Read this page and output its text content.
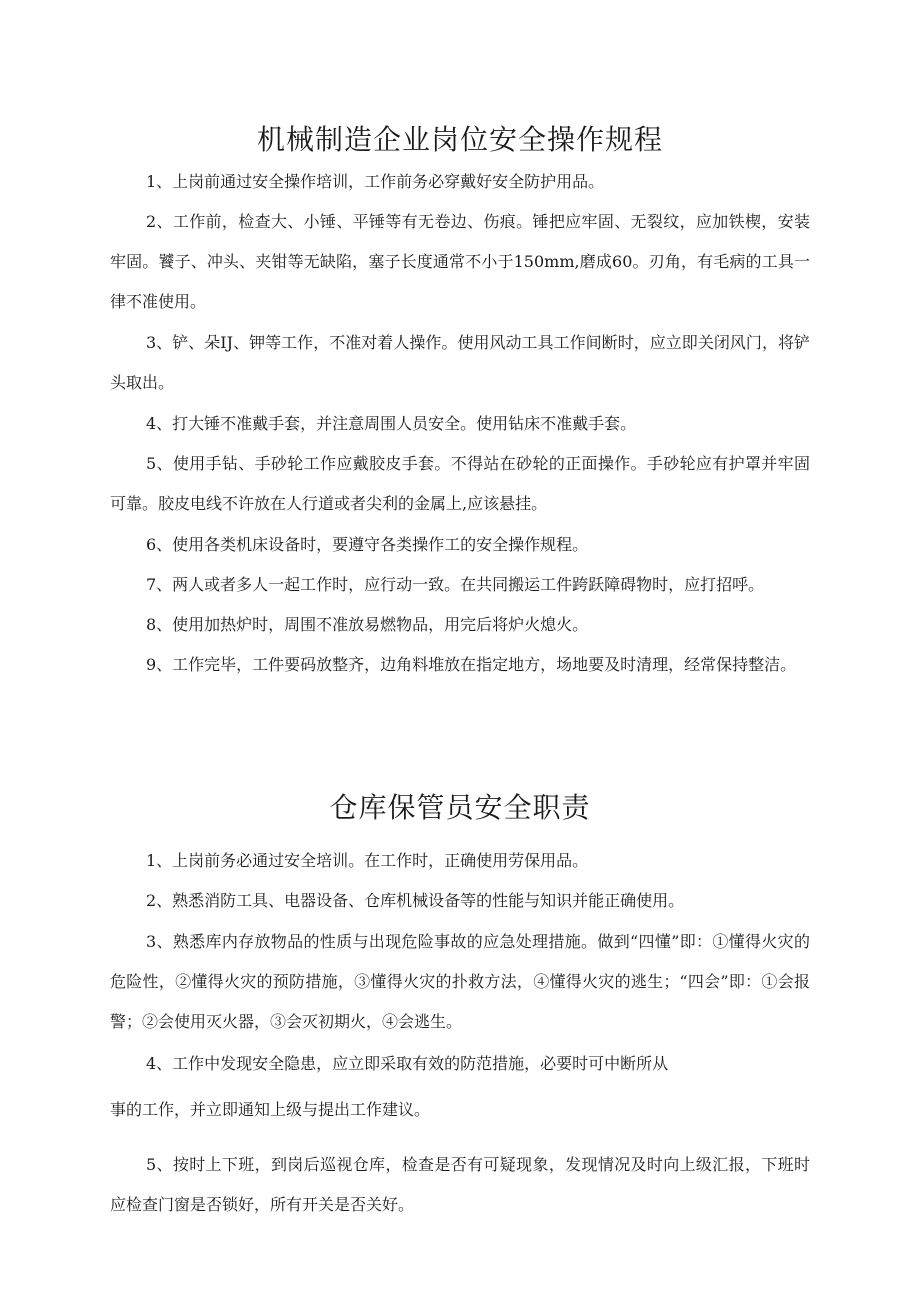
机械制造企业岗位安全操作规程

1、上岗前通过安全操作培训，工作前务必穿戴好安全防护用品。

2、工作前，检查大、小锤、平锤等有无卷边、伤痕。锤把应牢固、无裂纹，应加铁楔，安装牢固。饕子、冲头、夹钳等无缺陷，塞子长度通常不小于150mm,磨成60。刃角，有毛病的工具一律不准使用。

3、铲、朵IJ、钾等工作，不准对着人操作。使用风动工具工作间断时，应立即关闭风门，将铲头取出。

4、打大锤不准戴手套，并注意周围人员安全。使用钻床不准戴手套。

5、使用手钻、手砂轮工作应戴胶皮手套。不得站在砂轮的正面操作。手砂轮应有护罩并牢固可靠。胶皮电线不许放在人行道或者尖利的金属上,应该悬挂。

6、使用各类机床设备时，要遵守各类操作工的安全操作规程。

7、两人或者多人一起工作时，应行动一致。在共同搬运工件跨跃障碍物时，应打招呼。

8、使用加热炉时，周围不准放易燃物品，用完后将炉火熄火。

9、工作完毕，工件要码放整齐，边角料堆放在指定地方，场地要及时清理，经常保持整洁。

仓库保管员安全职责

1、上岗前务必通过安全培训。在工作时，正确使用劳保用品。

2、熟悉消防工具、电器设备、仓库机械设备等的性能与知识并能正确使用。

3、熟悉库内存放物品的性质与出现危险事故的应急处理措施。做到“四懂”即：①懂得火灾的危险性，②懂得火灾的预防措施，③懂得火灾的扑救方法，④懂得火灾的逃生；“四会”即：①会报警；②会使用灭火器，③会灭初期火，④会逃生。

4、工作中发现安全隐患，应立即采取有效的防范措施，必要时可中断所从

事的工作，并立即通知上级与提出工作建议。

5、按时上下班，到岗后巡视仓库，检查是否有可疑现象，发现情况及时向上级汇报，下班时应检查门窗是否锁好，所有开关是否关好。
